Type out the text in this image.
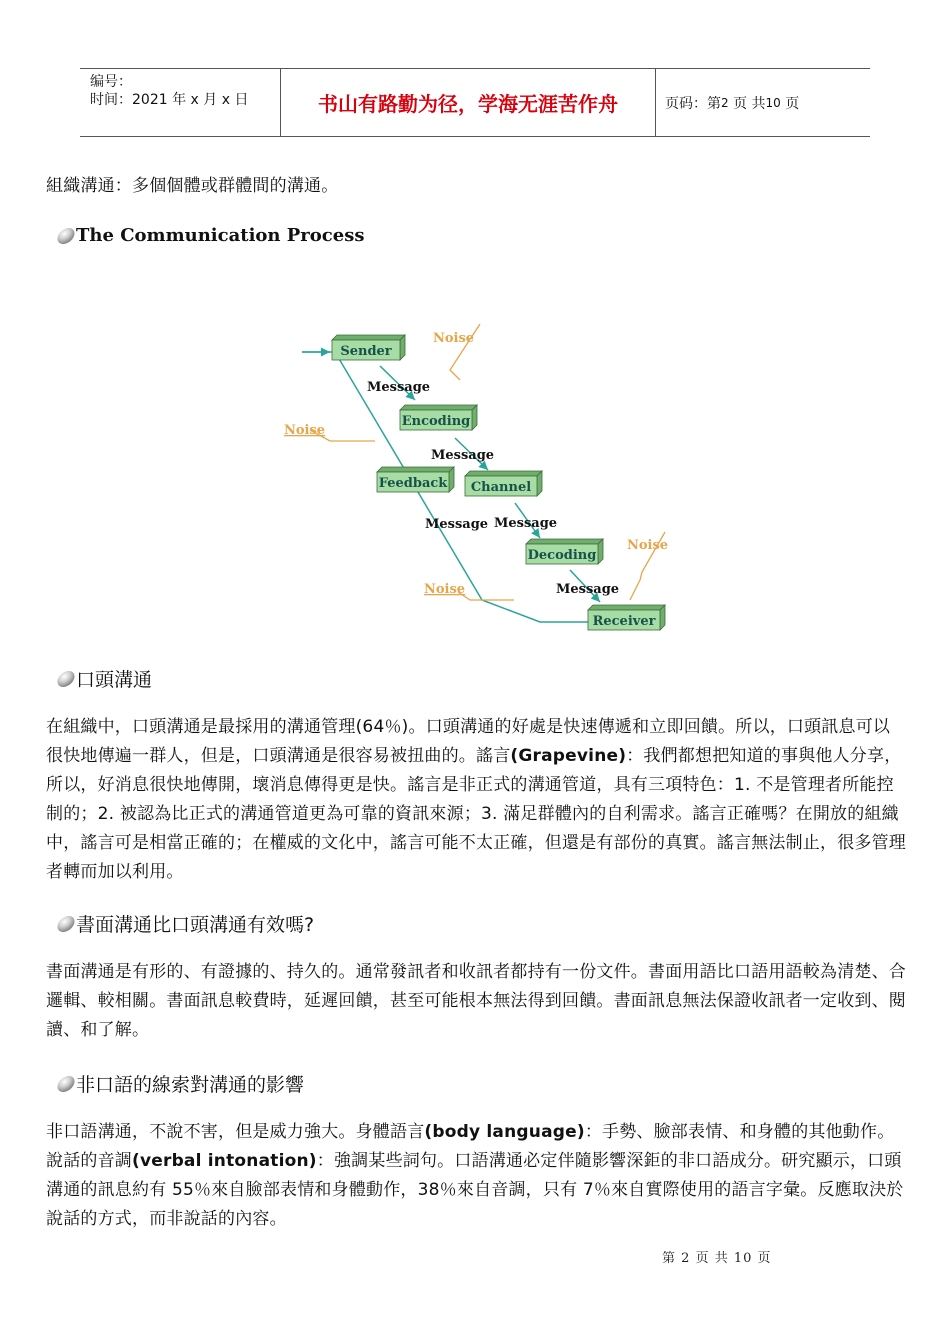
编号：
时间：2021 年 x 月 x 日	书山有路勤为径，学海无涯苦作舟	页码：第 2
页 共 10
页
組織溝通：多個個體或群體間的溝通。
The Communication Process
Sender
Encoding
Feedback Channel
Decoding
Receiver
Message
Message
Message Message
Message
Noise
Noise
Noise
Noise
口頭溝通
在組織中，口頭溝通是最採用的溝通管理(64％)。口頭溝通的好處是快速傳遞和立即回饋。所以，口頭訊息可以很快地傳遍一群人，但是，口頭溝通是很容易被扭曲的。謠言(Grapevine)：我們都想把知道的事與他人分享，所以，好消息很快地傳開，壞消息傳得更是快。謠言是非正式的溝通管道，具有三項特色：1. 不是管理者所能控制的；2. 被認為比正式的溝通管道更為可靠的資訊來源；3. 滿足群體內的自利需求。謠言正確嗎？在開放的組織中，謠言可是相當正確的；在權威的文化中，謠言可能不太正確，但還是有部份的真實。謠言無法制止，很多管理者轉而加以利用。
書面溝通比口頭溝通有效嗎?
書面溝通是有形的、有證據的、持久的。通常發訊者和收訊者都持有一份文件。書面用語比口語用語較為清楚、合邏輯、較相關。書面訊息較費時，延遲回饋，甚至可能根本無法得到回饋。書面訊息無法保證收訊者一定收到、閱讀、和了解。
非口語的線索對溝通的影響
非口語溝通，不說不害，但是威力強大。身體語言(body language)：手勢、臉部表情、和身體的其他動作。說話的音調(verbal intonation)：強調某些詞句。口語溝通必定伴隨影響深鉅的非口語成分。研究顯示，口頭溝通的訊息約有 55％來自臉部表情和身體動作，38％來自音調，只有 7％來自實際使用的語言字彙。反應取決於說話的方式，而非說話的內容。
第 2 页 共 10 页
